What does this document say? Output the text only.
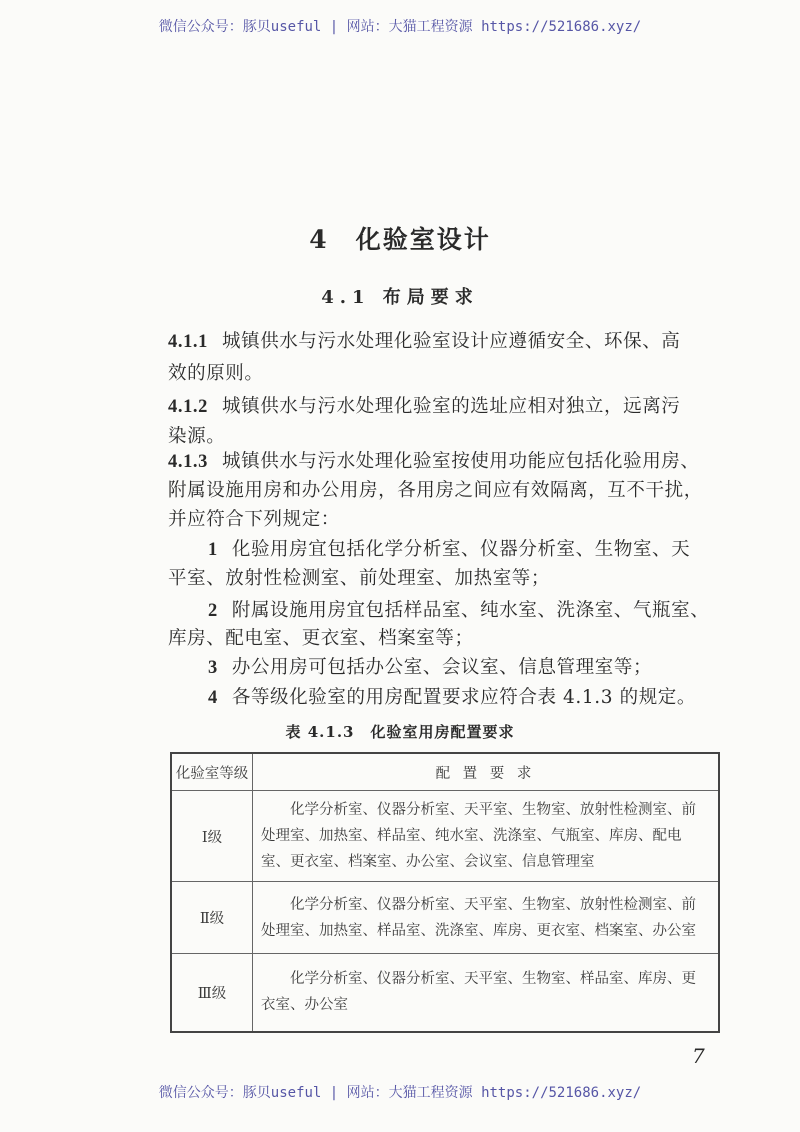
微信公众号：豚贝useful | 网站：大猫工程资源 https://521686.xyz/
4　化验室设计
4.1 布局要求
4.1.1 城镇供水与污水处理化验室设计应遵循安全、环保、高
效的原则。
4.1.2 城镇供水与污水处理化验室的选址应相对独立，远离污
染源。
4.1.3 城镇供水与污水处理化验室按使用功能应包括化验用房、
附属设施用房和办公用房，各用房之间应有效隔离，互不干扰，
并应符合下列规定：
1 化验用房宜包括化学分析室、仪器分析室、生物室、天
平室、放射性检测室、前处理室、加热室等；
2 附属设施用房宜包括样品室、纯水室、洗涤室、气瓶室、
库房、配电室、更衣室、档案室等；
3 办公用房可包括办公室、会议室、信息管理室等；
4 各等级化验室的用房配置要求应符合表 4.1.3 的规定。
表 4.1.3　化验室用房配置要求
化验室等级	配 置 要 求
Ⅰ级	化学分析室、仪器分析室、天平室、生物室、放射性检测室、前处理室、加热室、样品室、纯水室、洗涤室、气瓶室、库房、配电室、更衣室、档案室、办公室、会议室、信息管理室

Ⅱ级	化学分析室、仪器分析室、天平室、生物室、放射性检测室、前处理室、加热室、样品室、洗涤室、库房、更衣室、档案室、办公室

Ⅲ级	化学分析室、仪器分析室、天平室、生物室、样品室、库房、更衣室、办公室

7
微信公众号：豚贝useful | 网站：大猫工程资源 https://521686.xyz/
